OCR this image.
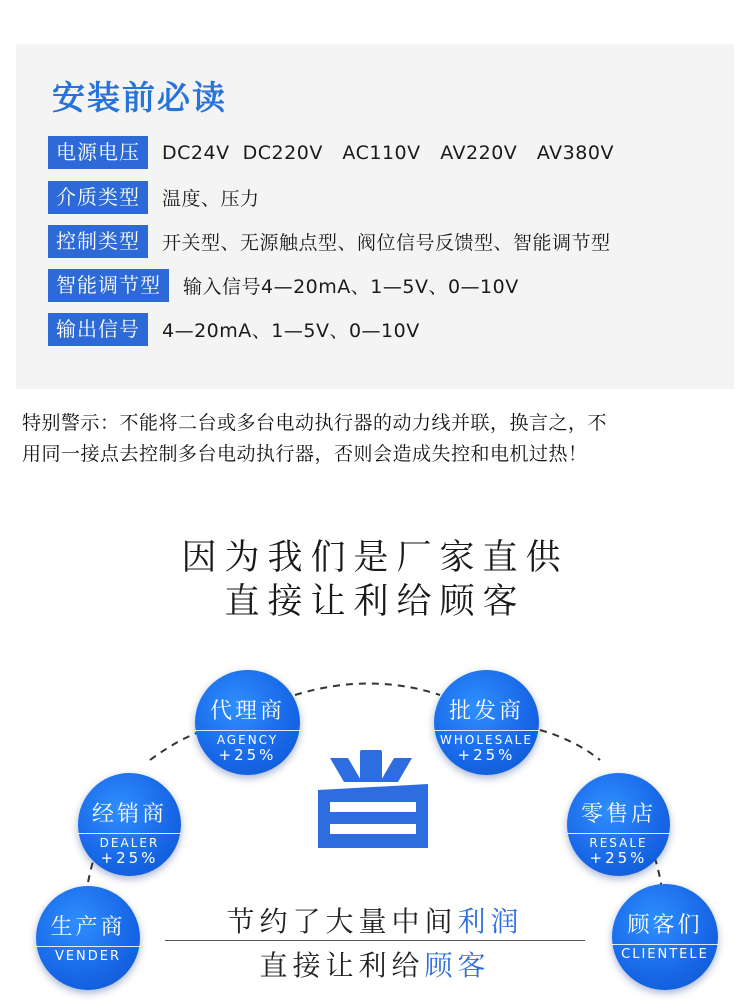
安装前必读
电源电压	DC24V  DC220V   AC110V   AV220V   AV380V
介质类型	温度、压力
控制类型	开关型、无源触点型、阀位信号反馈型、智能调节型
智能调节型	输入信号4—20mA、1—5V、0—10V
输出信号	4—20mA、1—5V、0—10V
特别警示：不能将二台或多台电动执行器的动力线并联，换言之，不
用同一接点去控制多台电动执行器，否则会造成失控和电机过热！
因为我们是厂家直供
直接让利给顾客
代理商
AGENCY
+25%
批发商
WHOLESALE
+25%
经销商
DEALER
+25%
零售店
RESALE
+25%
生产商
VENDER
顾客们
CLIENTELE
节约了大量中间利润
直接让利给顾客
